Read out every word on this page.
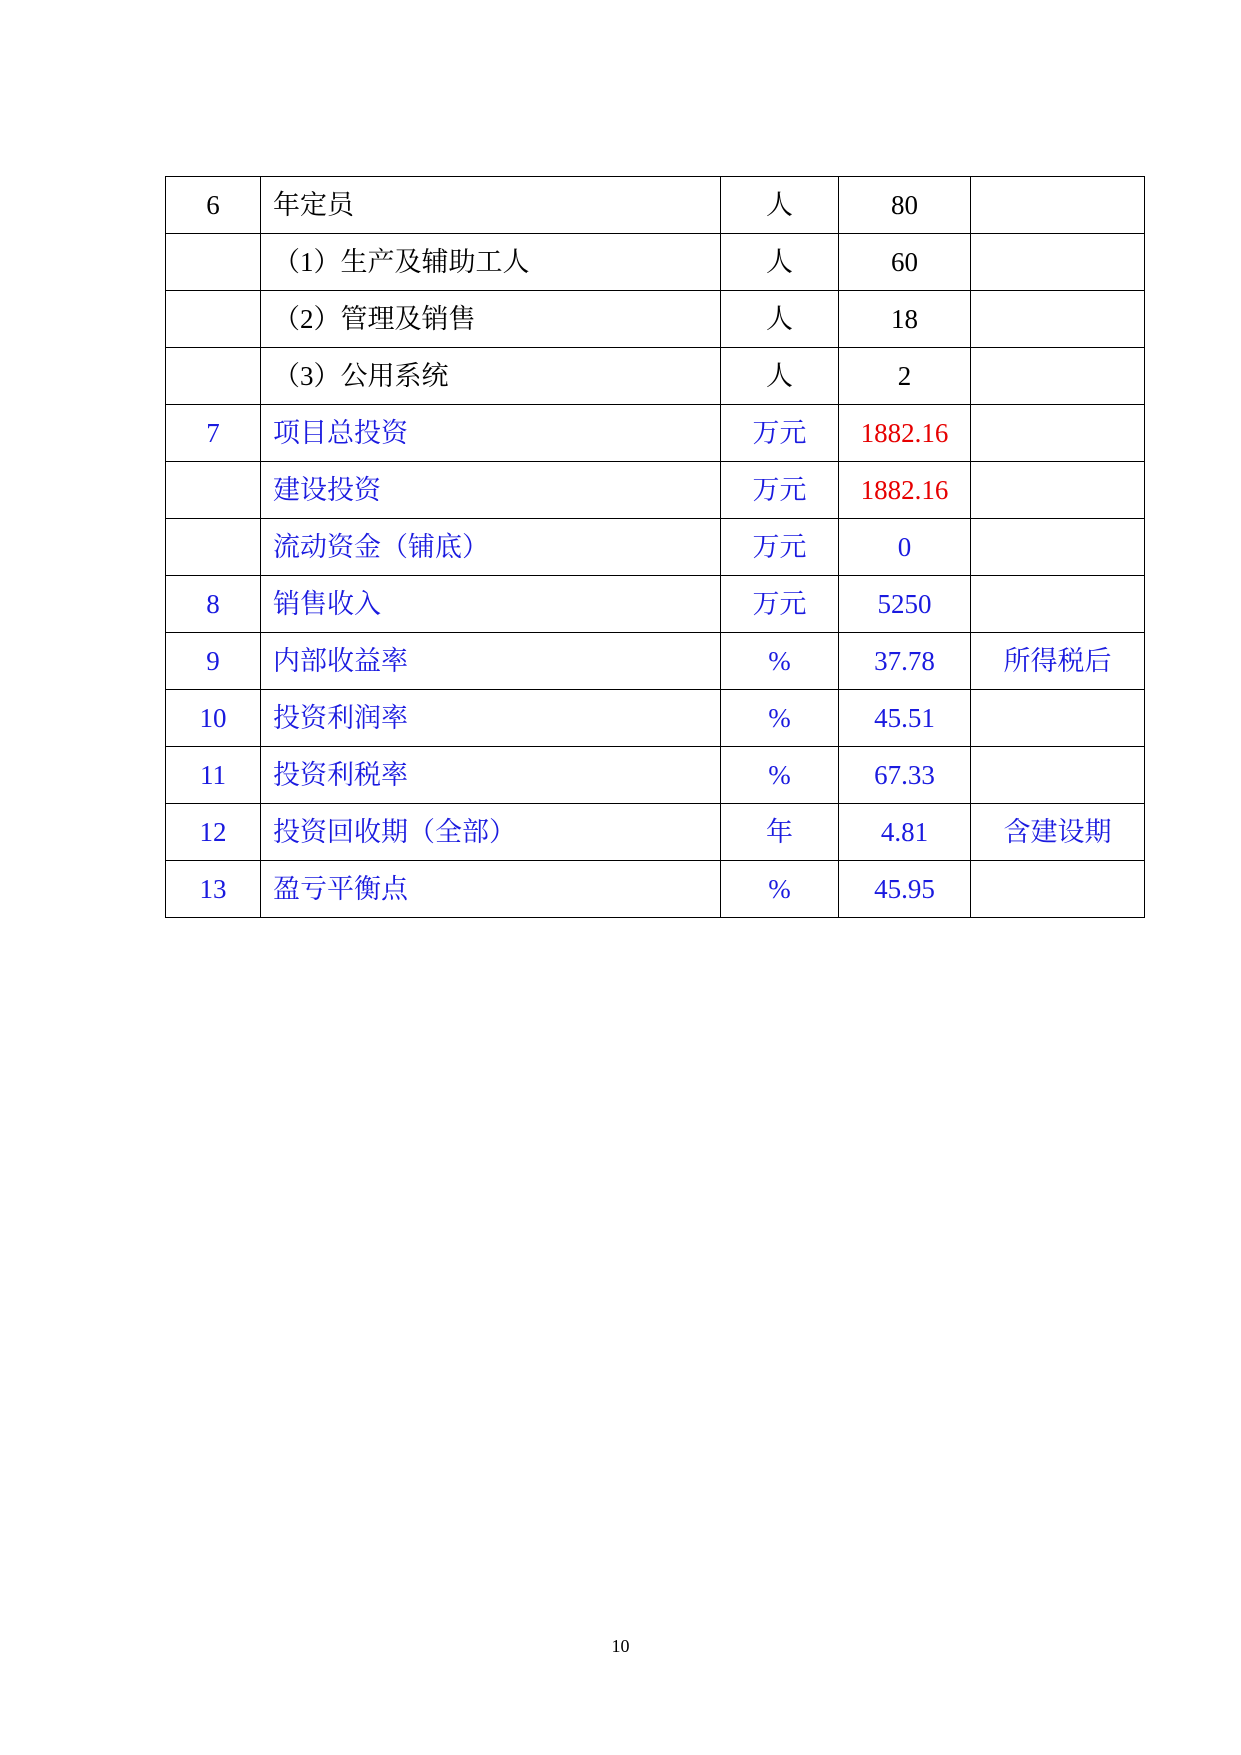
6	年定员	人	80	
	（1）生产及辅助工人	人	60	
	（2）管理及销售	人	18	
	（3）公用系统	人	2	
7	项目总投资	万元	1882.16	
	建设投资	万元	1882.16	
	流动资金（铺底）	万元	0	
8	销售收入	万元	5250	
9	内部收益率	%	37.78	所得税后
10	投资利润率	%	45.51	
11	投资利税率	%	67.33	
12	投资回收期（全部）	年	4.81	含建设期
13	盈亏平衡点	%	45.95	
10
